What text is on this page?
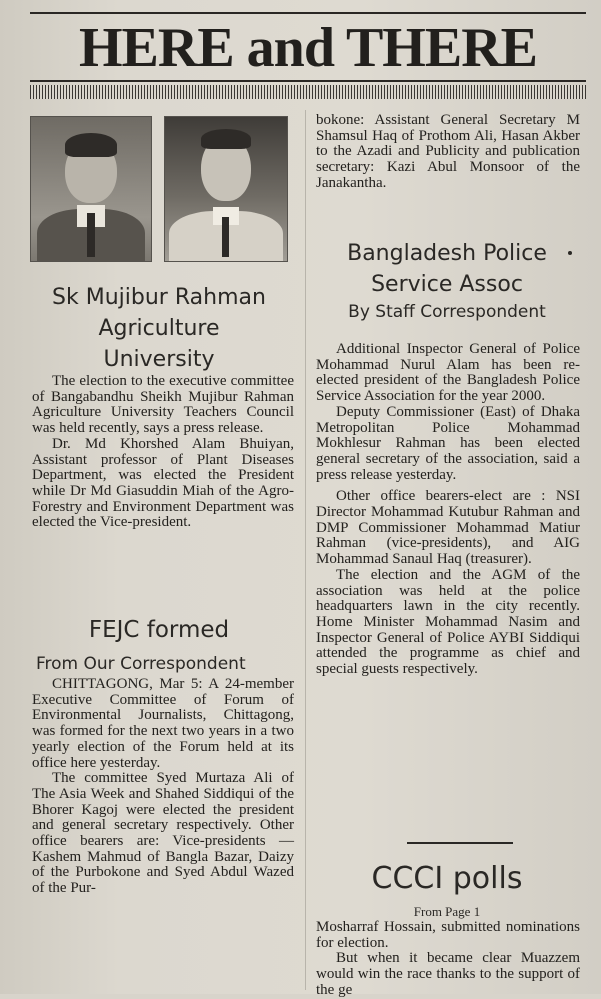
HERE and THERE
Sk Mujibur Rahman
Agriculture
University

The election to the executive committee of Bangabandhu Sheikh Mujibur Rahman Agriculture University Teachers Council was held recently, says a press release.

Dr. Md Khorshed Alam Bhuiyan, Assistant professor of Plant Diseases Department, was elected the President while Dr Md Giasuddin Miah of the Agro-Forestry and Environment Department was elected the Vice-president.

FEJC formed
From Our Correspondent

CHITTAGONG, Mar 5: A 24-member Executive Committee of Forum of Environmental Journalists, Chittagong, was formed for the next two years in a two yearly election of the Forum held at its office here yesterday.

The committee Syed Murtaza Ali of The Asia Week and Shahed Siddiqui of the Bhorer Kagoj were elected the president and general secretary respectively. Other office bearers are: Vice-presidents — Kashem Mahmud of Bangla Bazar, Daizy of the Purbokone and Syed Abdul Wazed of the Pur-

bokone: Assistant General Secretary M Shamsul Haq of Prothom Ali, Hasan Akber to the Azadi and Publicity and publication secretary: Kazi Abul Monsoor of the Janakantha.

Bangladesh Police
Service Assoc
By Staff Correspondent

Additional Inspector General of Police Mohammad Nurul Alam has been re-elected president of the Bangladesh Police Service Association for the year 2000.

Deputy Commissioner (East) of Dhaka Metropolitan Police Mohammad Mokhlesur Rahman has been elected general secretary of the association, said a press release yesterday.

Other office bearers-elect are : NSI Director Mohammad Kutubur Rahman and DMP Commissioner Mohammad Matiur Rahman (vice-presidents), and AIG Mohammad Sanaul Haq (treasurer).

The election and the AGM of the association was held at the police headquarters lawn in the city recently. Home Minister Mohammad Nasim and Inspector General of Police AYBI Siddiqui attended the programme as chief and special guests respectively.

CCCI polls
From Page 1

Mosharraf Hossain, submitted nominations for election.

But when it became clear Muazzem would win the race thanks to the support of the ge
